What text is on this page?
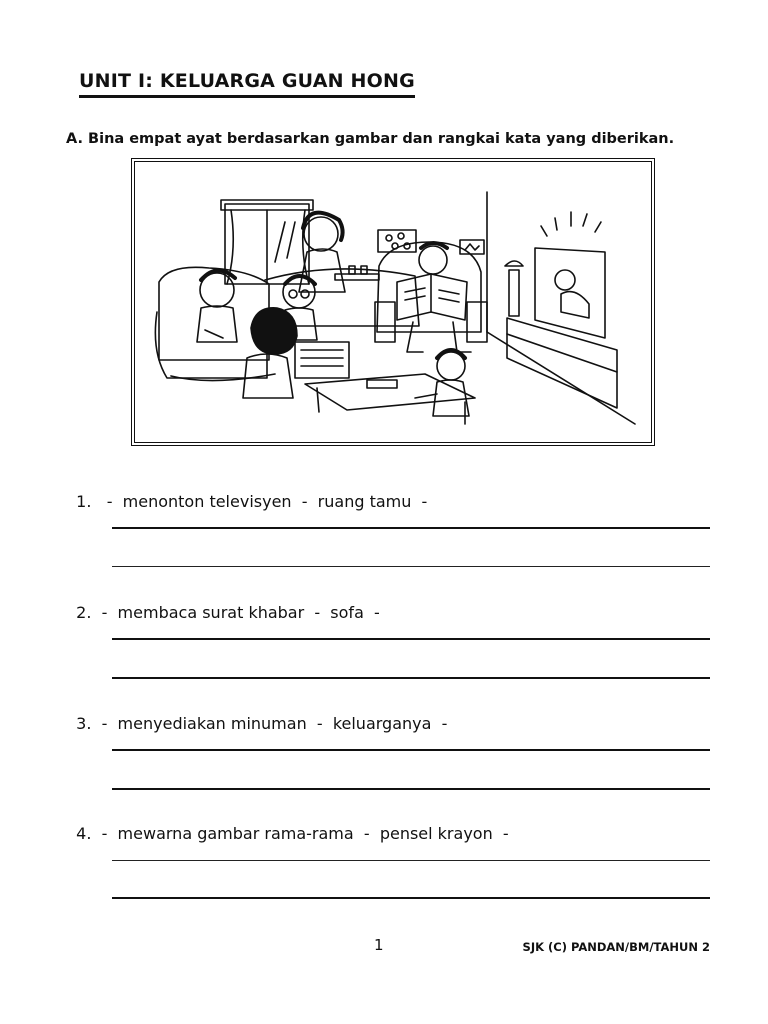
UNIT I: KELUARGA GUAN HONG

A. Bina empat ayat berdasarkan gambar dan rangkai kata yang diberikan.

1. -  menonton televisyen  -  ruang tamu  -

2. -  membaca surat khabar  -  sofa  -

3. -  menyediakan minuman  -  keluarganya  -

4. -  mewarna gambar rama-rama  -  pensel krayon  -

1	SJK (C) PANDAN/BM/TAHUN 2
